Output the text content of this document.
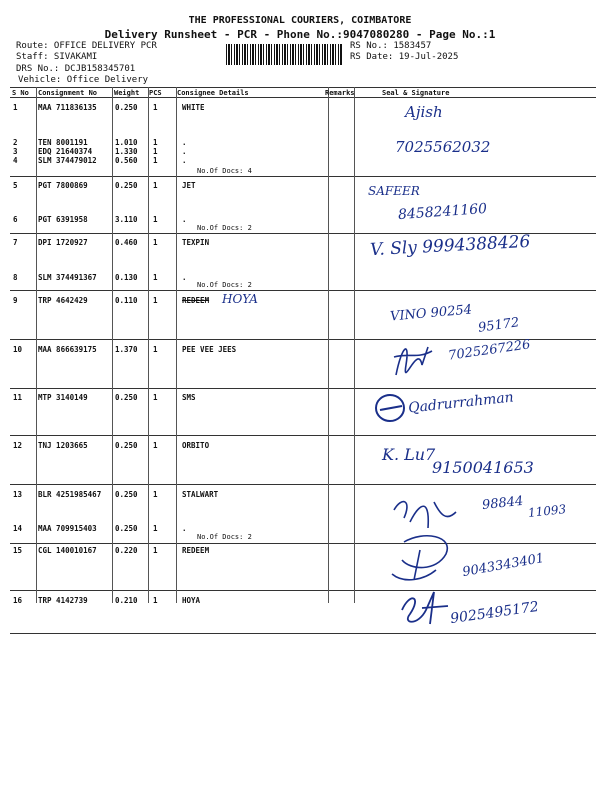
THE PROFESSIONAL COURIERS, COIMBATORE
Delivery Runsheet - PCR - Phone No.:9047080280 - Page No.:1
Route: OFFICE DELIVERY PCR
Staff: SIVAKAMI
DRS No.: DCJB158345701
Vehicle: Office Delivery
RS No.: 1583457
RS Date: 19-Jul-2025
S No Consignment No Weight PCS Consignee Details	Remarks	Seal & Signature
1	MAA 711836135 0.250 1	WHITE
2	TEN 8001191	1.010 1	.
3	EDQ 21640374	1.330 1	.
4	SLM 374479012 0.560 1	.
No.Of Docs: 4
5	PGT 7800869	0.250 1	JET
6	PGT 6391958	3.110 1	.
No.Of Docs: 2
7	DPI 1720927	0.460 1	TEXPIN
8	SLM 374491367 0.130 1	.
No.Of Docs: 2
9	TRP 4642429	0.110 1	REDEEM HOYA
10 MAA 866639175 1.370 1	PEE VEE JEES
11 MTP 3140149	0.250 1	SMS
12 TNJ 1203665	0.250 1	ORBITO
13 BLR 4251985467 0.250 1	STALWART
14 MAA 709915403 0.250 1	.
No.Of Docs: 2
15 CGL 140010167 0.220 1	REDEEM
16 TRP 4142739	0.210 1	HOYA
Ajish
7025562032
SAFEER
8458241160
V. Sly 9994388426
VINO 90254
95172
7025267226
Qadrurrahman
K. Lu7
9150041653
98844 11093
9043343401
9025495172
